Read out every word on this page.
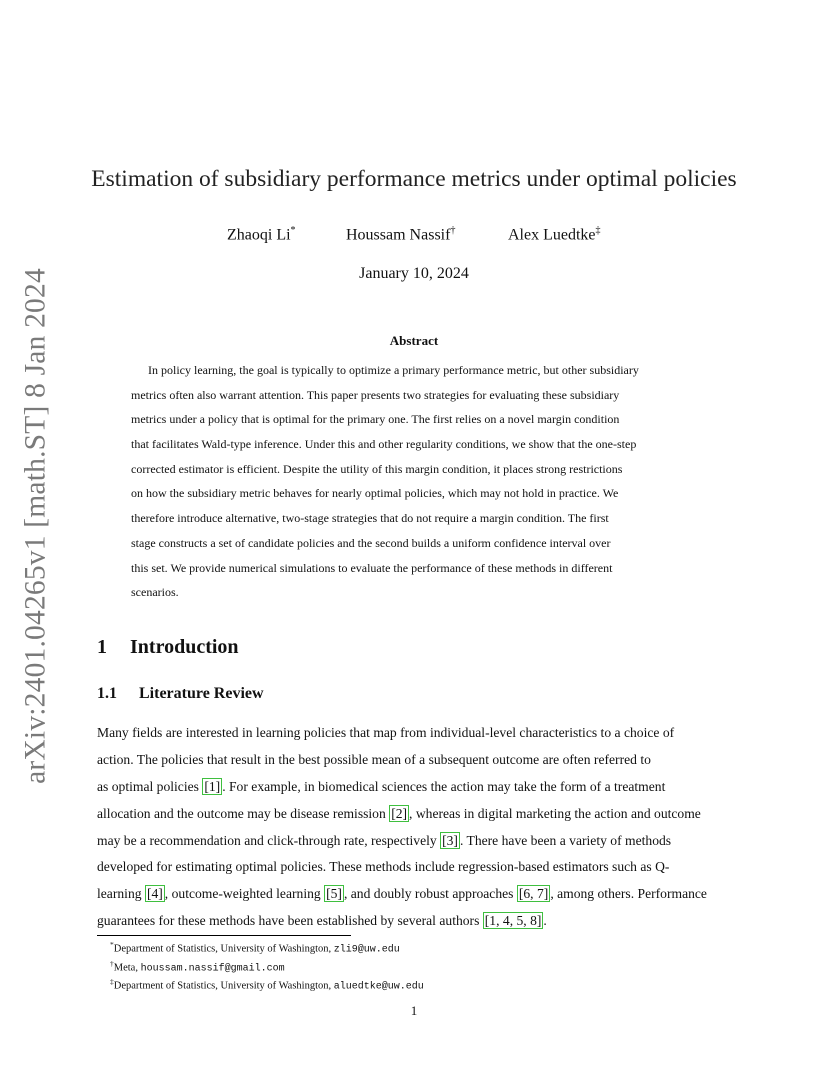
arXiv:2401.04265v1 [math.ST] 8 Jan 2024
Estimation of subsidiary performance metrics under optimal policies
Zhaoqi Li*	Houssam Nassif†	Alex Luedtke‡
January 10, 2024
Abstract
In policy learning, the goal is typically to optimize a primary performance metric, but other subsidiary
metrics often also warrant attention. This paper presents two strategies for evaluating these subsidiary
metrics under a policy that is optimal for the primary one. The first relies on a novel margin condition
that facilitates Wald-type inference. Under this and other regularity conditions, we show that the one-step
corrected estimator is efficient. Despite the utility of this margin condition, it places strong restrictions
on how the subsidiary metric behaves for nearly optimal policies, which may not hold in practice. We
therefore introduce alternative, two-stage strategies that do not require a margin condition. The first
stage constructs a set of candidate policies and the second builds a uniform confidence interval over
this set. We provide numerical simulations to evaluate the performance of these methods in different
scenarios.
1 Introduction
1.1 Literature Review
Many fields are interested in learning policies that map from individual-level characteristics to a choice of
action. The policies that result in the best possible mean of a subsequent outcome are often referred to
as optimal policies [1] . For example, in biomedical sciences the action may take the form of a treatment
allocation and the outcome may be disease remission [2] , whereas in digital marketing the action and outcome
may be a recommendation and click-through rate, respectively [3] . There have been a variety of methods
developed for estimating optimal policies. These methods include regression-based estimators such as Q-
learning [4] , outcome-weighted learning [5] , and doubly robust approaches [6, 7] , among others. Performance
guarantees for these methods have been established by several authors [1, 4, 5, 8] .
*Department of Statistics, University of Washington, zli9@uw.edu
†Meta, houssam.nassif@gmail.com
‡Department of Statistics, University of Washington, aluedtke@uw.edu
1
